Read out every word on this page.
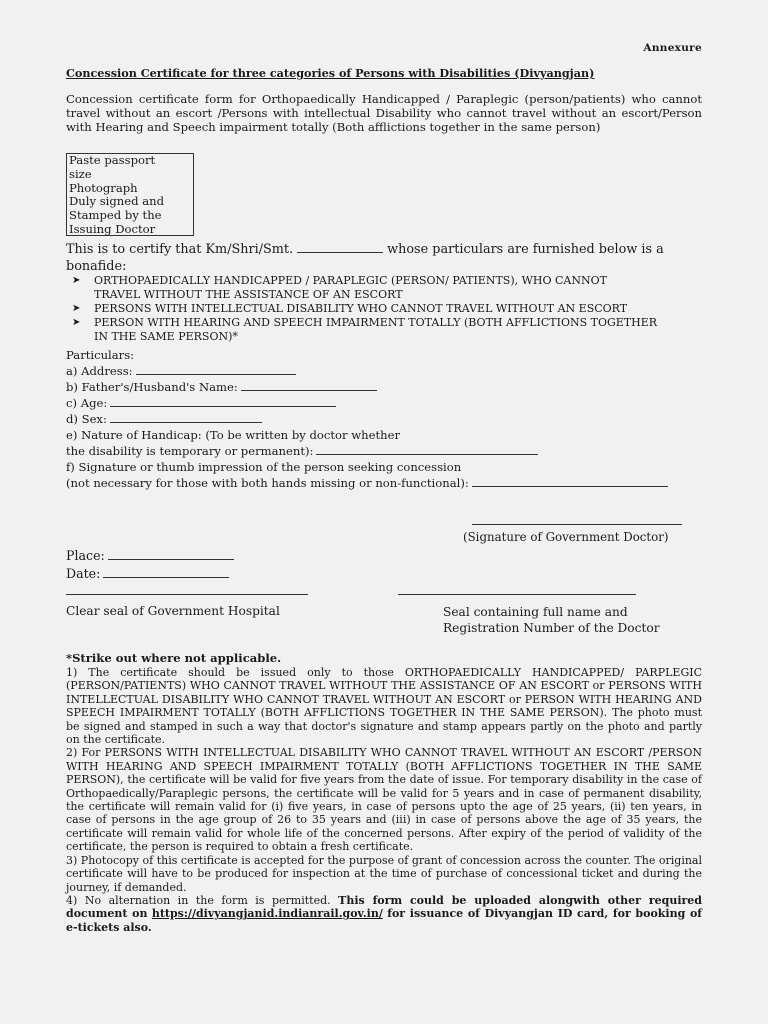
Annexure
Concession Certificate for three categories of Persons with Disabilities (Divyangjan)
Concession certificate form for Orthopaedically Handicapped / Paraplegic (person/patients) who cannot travel without an escort /Persons with intellectual Disability who cannot travel without an escort/Person with Hearing and Speech impairment totally (Both afflictions together in the same person)
Paste passport
size
Photograph
Duly signed and
Stamped by the
Issuing Doctor
This is to certify that Km/Shri/Smt.	whose particulars are furnished below is a
bonafide:
➤ ORTHOPAEDICALLY HANDICAPPED / PARAPLEGIC (PERSON/ PATIENTS), WHO CANNOT
TRAVEL WITHOUT THE ASSISTANCE OF AN ESCORT
➤ PERSONS WITH INTELLECTUAL DISABILITY WHO CANNOT TRAVEL WITHOUT AN ESCORT
➤ PERSON WITH HEARING AND SPEECH IMPAIRMENT TOTALLY (BOTH AFFLICTIONS TOGETHER
IN THE SAME PERSON)*
Particulars:
a) Address:
b) Father's/Husband's Name:
c) Age:
d) Sex:
e) Nature of Handicap: (To be written by doctor whether
the disability is temporary or permanent):
f) Signature or thumb impression of the person seeking concession
(not necessary for those with both hands missing or non-functional):
(Signature of Government Doctor)
Place:
Date:
Clear seal of Government Hospital	Seal containing full name and Registration Number of the Doctor
*Strike out where not applicable.

1) The certificate should be issued only to those ORTHOPAEDICALLY HANDICAPPED/ PARPLEGIC (PERSON/PATIENTS) WHO CANNOT TRAVEL WITHOUT THE ASSISTANCE OF AN ESCORT or PERSONS WITH INTELLECTUAL DISABILITY WHO CANNOT TRAVEL WITHOUT AN ESCORT or PERSON WITH HEARING AND SPEECH IMPAIRMENT TOTALLY (BOTH AFFLICTIONS TOGETHER IN THE SAME PERSON). The photo must be signed and stamped in such a way that doctor's signature and stamp appears partly on the photo and partly on the certificate.

2) For PERSONS WITH INTELLECTUAL DISABILITY WHO CANNOT TRAVEL WITHOUT AN ESCORT /PERSON WITH HEARING AND SPEECH IMPAIRMENT TOTALLY (BOTH AFFLICTIONS TOGETHER IN THE SAME PERSON), the certificate will be valid for five years from the date of issue. For temporary disability in the case of Orthopaedically/Paraplegic persons, the certificate will be valid for 5 years and in case of permanent disability, the certificate will remain valid for (i) five years, in case of persons upto the age of 25 years, (ii) ten years, in case of persons in the age group of 26 to 35 years and (iii) in case of persons above the age of 35 years, the certificate will remain valid for whole life of the concerned persons. After expiry of the period of validity of the certificate, the person is required to obtain a fresh certificate.

3) Photocopy of this certificate is accepted for the purpose of grant of concession across the counter. The original certificate will have to be produced for inspection at the time of purchase of concessional ticket and during the journey, if demanded.

4) No alternation in the form is permitted. This form could be uploaded alongwith other required document on https://divyangjanid.indianrail.gov.in/ for issuance of Divyangjan ID card, for booking of e-tickets also.
